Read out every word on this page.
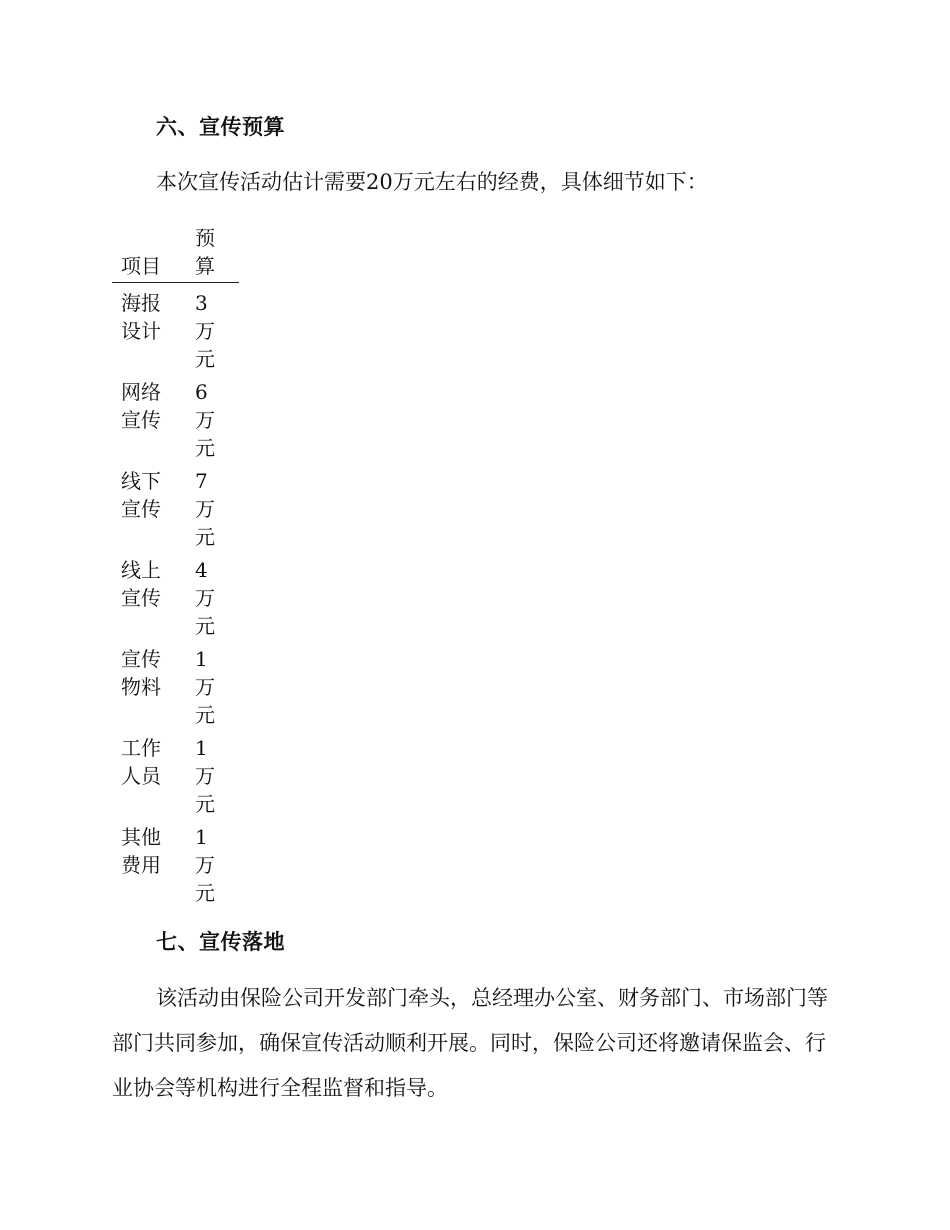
六、宣传预算
本次宣传活动估计需要20万元左右的经费，具体细节如下：
项目	预算

海报设计	3万元

网络宣传	6万元

线下宣传	7万元

线上宣传	4万元

宣传物料	1万元

工作人员	1万元

其他费用	1万元
七、宣传落地
该活动由保险公司开发部门牵头，总经理办公室、财务部门、市场部门等部门共同参加，确保宣传活动顺利开展。同时，保险公司还将邀请保监会、行业协会等机构进行全程监督和指导。
